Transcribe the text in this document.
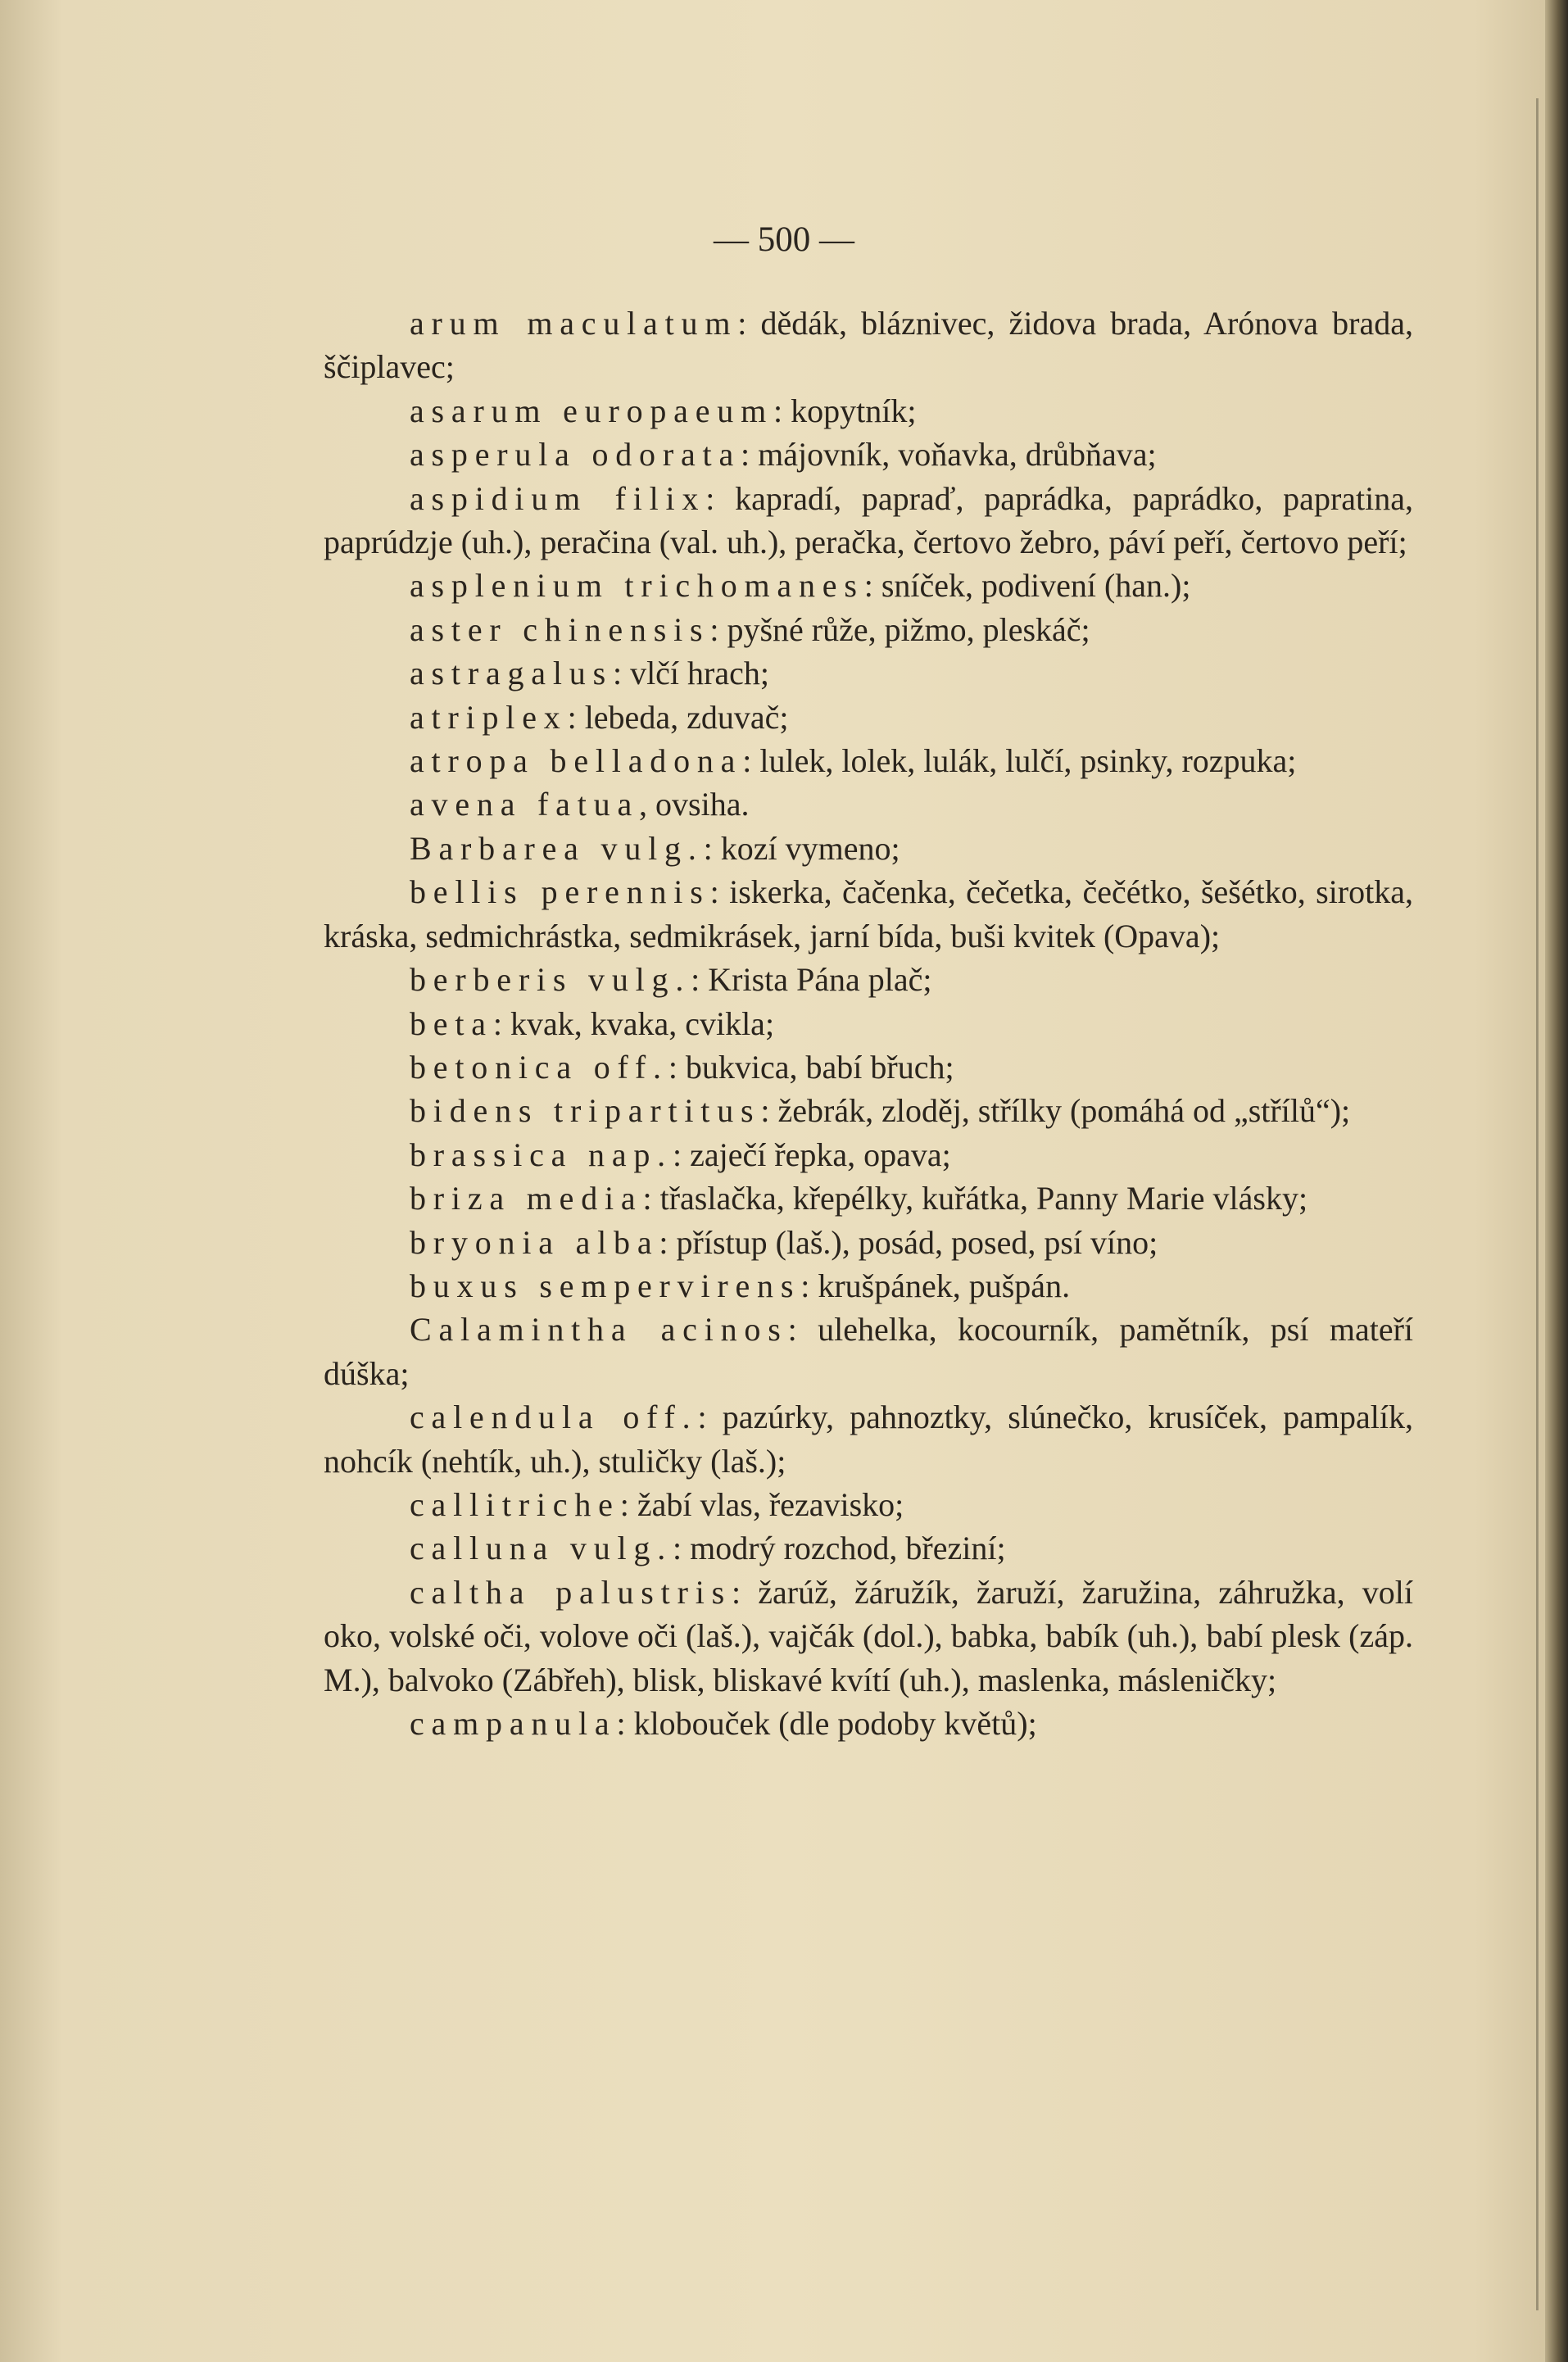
— 500 —

arum maculatum: dědák, bláznivec, židova brada, Arónova brada, ščiplavec;

asarum europaeum: kopytník;

asperula odorata: májovník, voňavka, drůbňava;

aspidium filix: kapradí, papraď, paprádka, paprádko, papratina, paprúdzje (uh.), peračina (val. uh.), peračka, čertovo žebro, páví peří, čertovo peří;

asplenium trichomanes: sníček, podivení (han.);

aster chinensis: pyšné růže, pižmo, pleskáč;

astragalus: vlčí hrach;

atriplex: lebeda, zduvač;

atropa belladona: lulek, lolek, lulák, lulčí, psinky, rozpuka;

avena fatua, ovsiha.

Barbarea vulg.: kozí vymeno;

bellis perennis: iskerka, čačenka, čečetka, čečétko, šešétko, sirotka, kráska, sedmichrástka, sedmikrásek, jarní bída, buši kvitek (Opava);

berberis vulg.: Krista Pána plač;

beta: kvak, kvaka, cvikla;

betonica off.: bukvica, babí břuch;

bidens tripartitus: žebrák, zloděj, střílky (pomáhá od „střílů“);

brassica nap.: zaječí řepka, opava;

briza media: třaslačka, křepélky, kuřátka, Panny Marie vlásky;

bryonia alba: přístup (laš.), posád, posed, psí víno;

buxus sempervirens: krušpánek, pušpán.

Calamintha acinos: ulehelka, kocourník, pamětník, psí mateří dúška;

calendula off.: pazúrky, pahnoztky, slúnečko, krusíček, pampalík, nohcík (nehtík, uh.), stuličky (laš.);

callitriche: žabí vlas, řezavisko;

calluna vulg.: modrý rozchod, březiní;

caltha palustris: žarúž, žáružík, žaruží, žaružina, záhružka, volí oko, volské oči, volove oči (laš.), vajčák (dol.), babka, babík (uh.), babí plesk (záp. M.), balvoko (Zábřeh), blisk, bliskavé kvítí (uh.), maslenka, másleničky;

campanula: klobouček (dle podoby květů);
